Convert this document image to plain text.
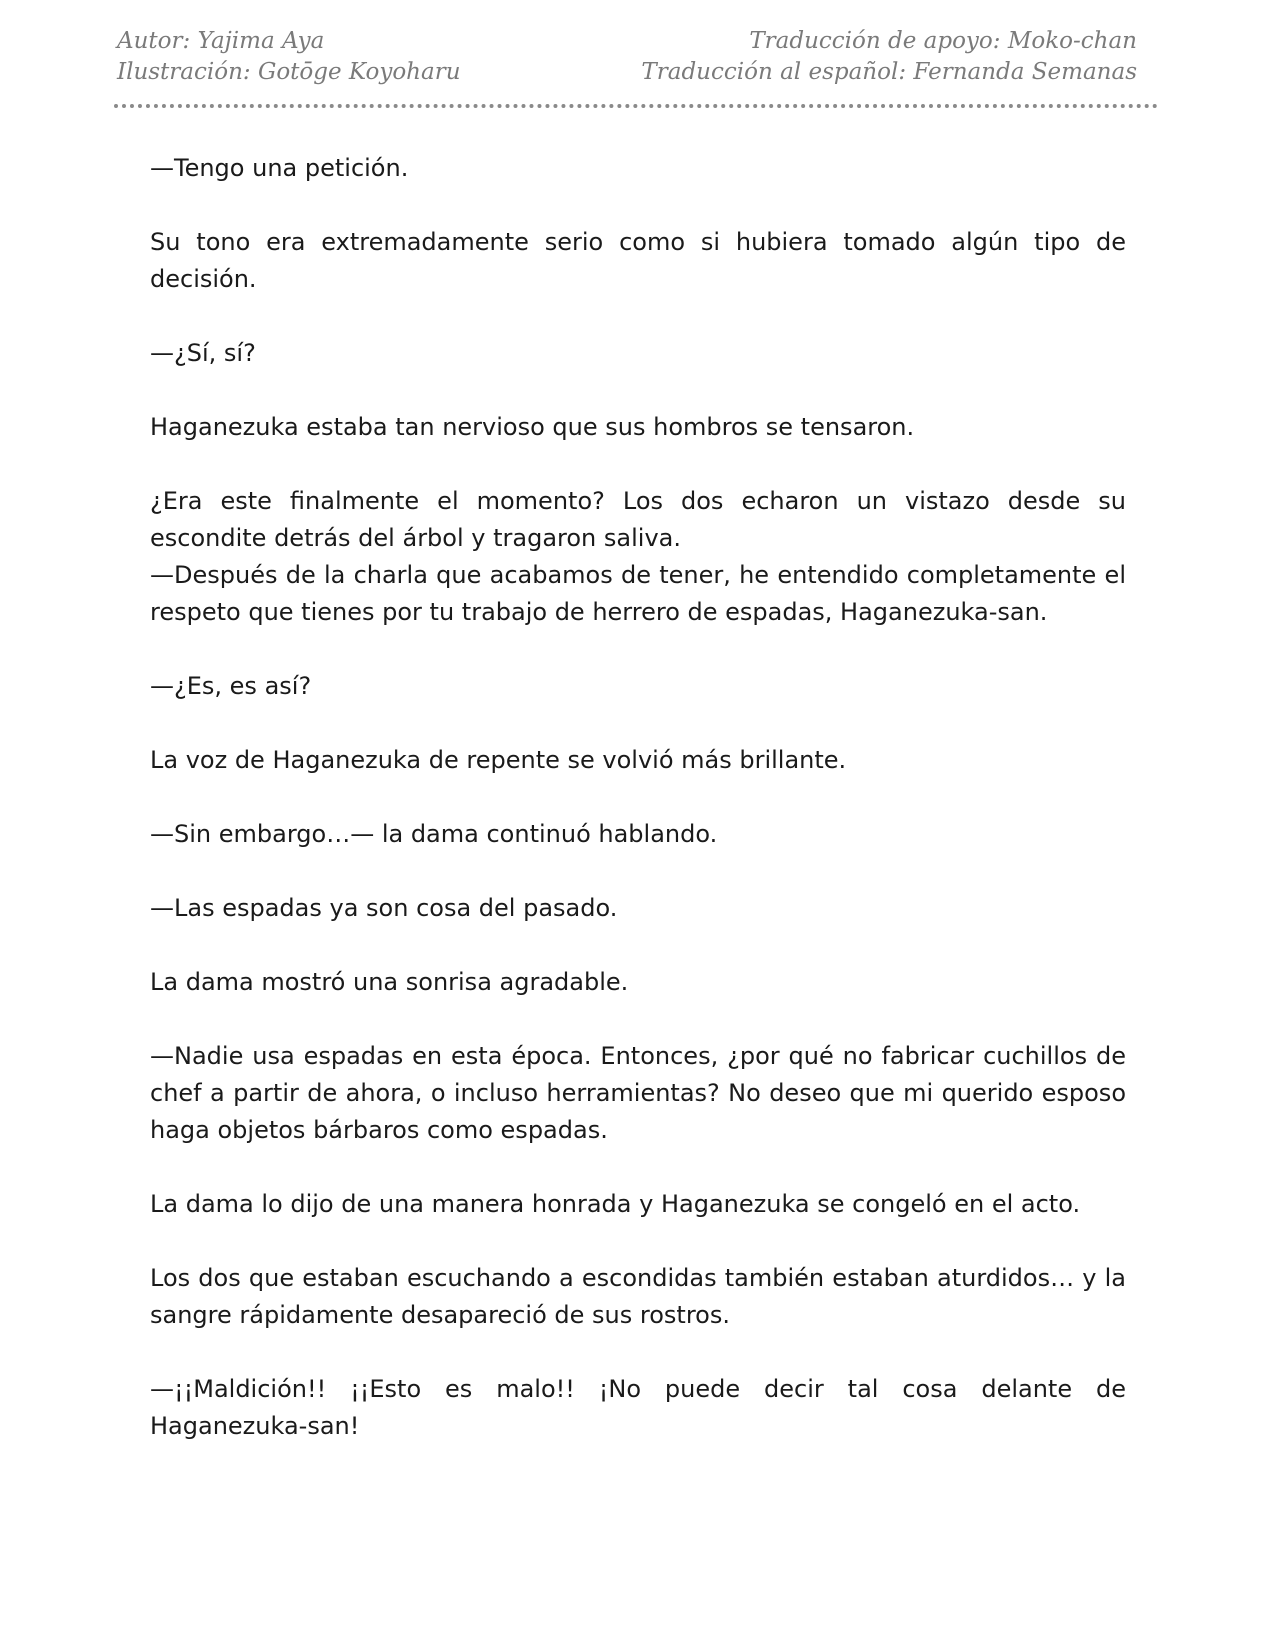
Autor: Yajima Aya
Ilustración: Gotōge Koyoharu
Traducción de apoyo: Moko-chan
Traducción al español: Fernanda Semanas

—Tengo una petición.

Su tono era extremadamente serio como si hubiera tomado algún tipo de decisión.

—¿Sí, sí?

Haganezuka estaba tan nervioso que sus hombros se tensaron.

¿Era este finalmente el momento? Los dos echaron un vistazo desde su escondite detrás del árbol y tragaron saliva.

—Después de la charla que acabamos de tener, he entendido completamente el respeto que tienes por tu trabajo de herrero de espadas, Haganezuka-san.

—¿Es, es así?

La voz de Haganezuka de repente se volvió más brillante.

—Sin embargo…— la dama continuó hablando.

—Las espadas ya son cosa del pasado.

La dama mostró una sonrisa agradable.

—Nadie usa espadas en esta época. Entonces, ¿por qué no fabricar cuchillos de chef a partir de ahora, o incluso herramientas? No deseo que mi querido esposo haga objetos bárbaros como espadas.

La dama lo dijo de una manera honrada y Haganezuka se congeló en el acto.

Los dos que estaban escuchando a escondidas también estaban aturdidos… y la sangre rápidamente desapareció de sus rostros.

—¡¡Maldición!! ¡¡Esto es malo!! ¡No puede decir tal cosa delante de Haganezuka-san!
